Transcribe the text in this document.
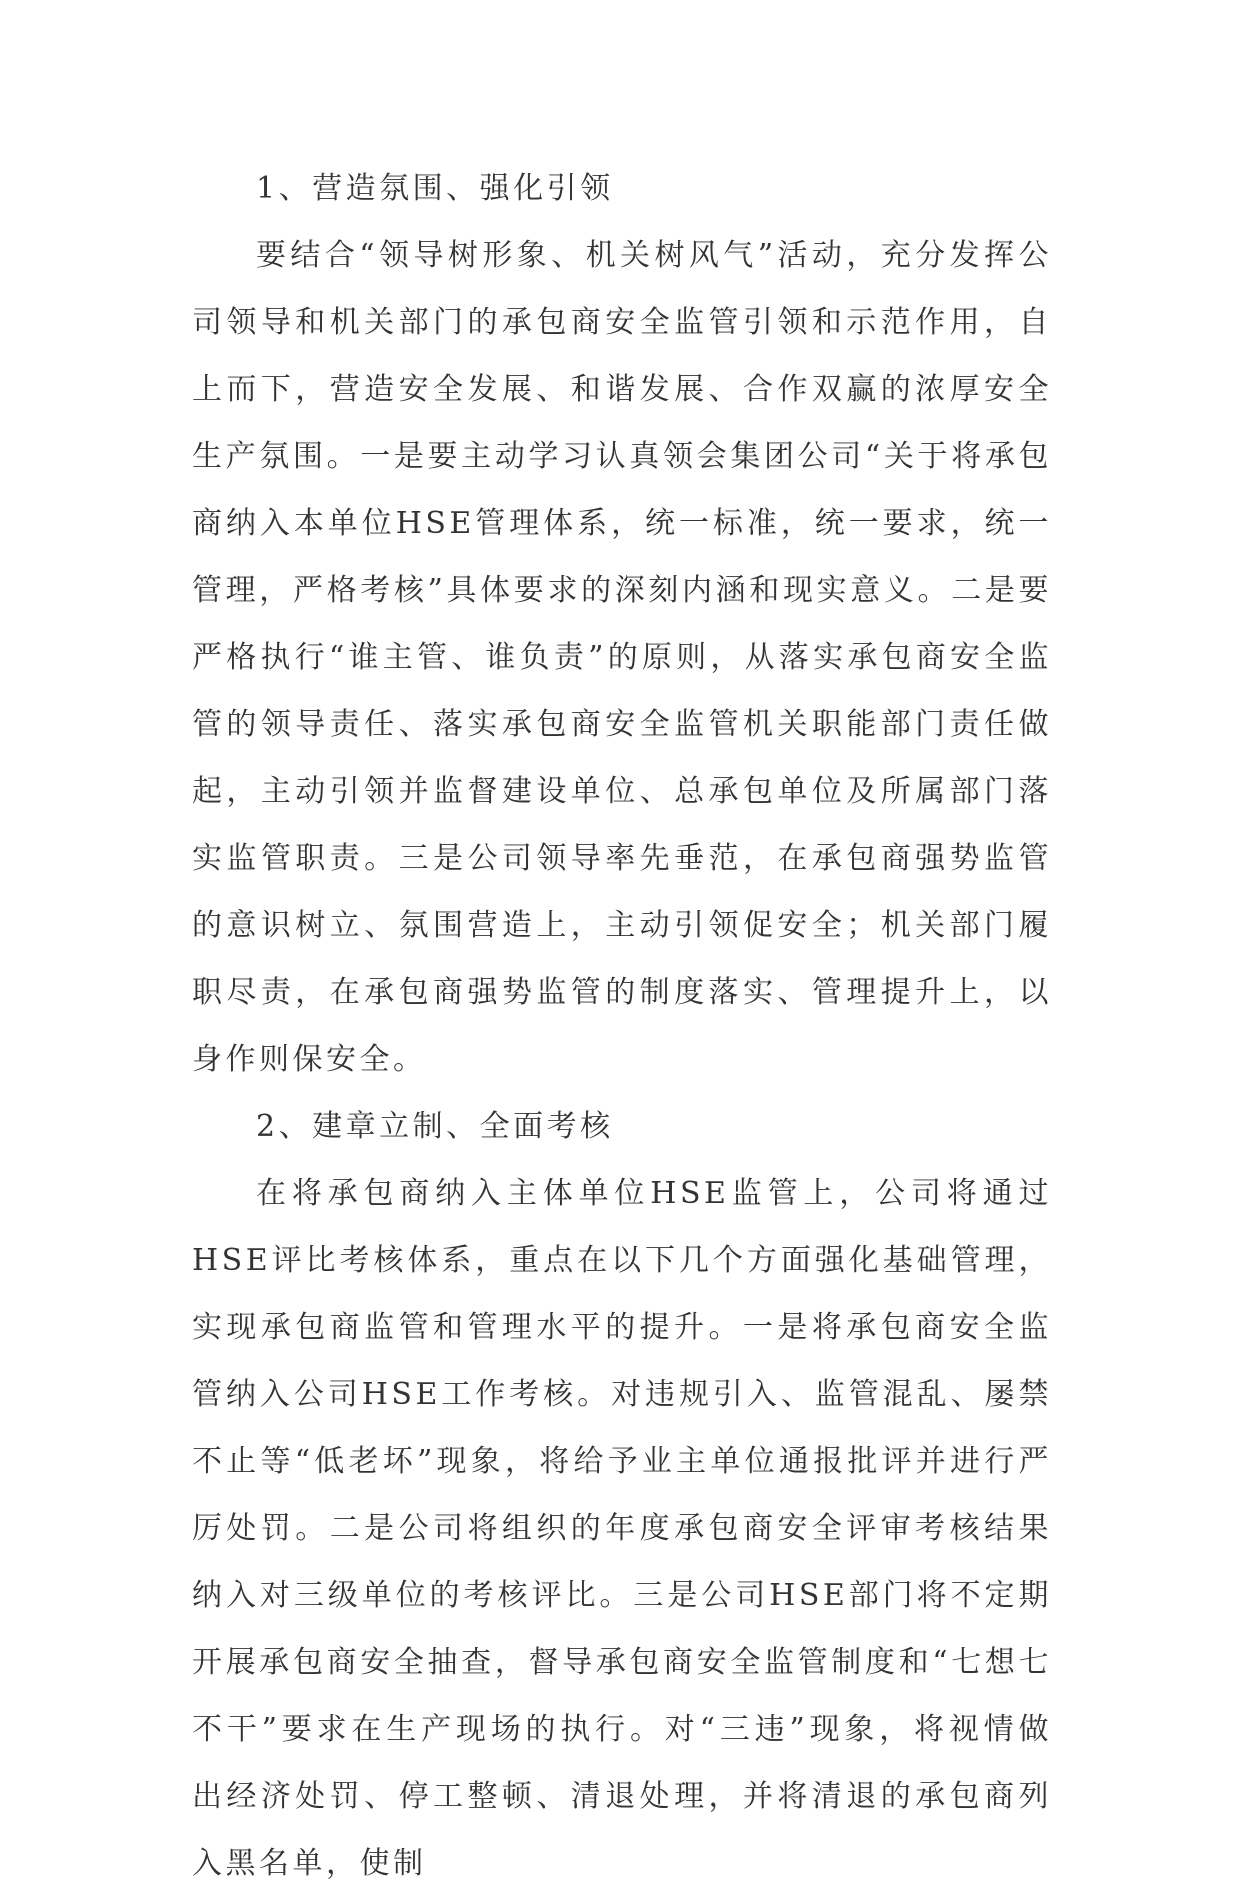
1、营造氛围、强化引领

要结合“领导树形象、机关树风气”活动，充分发挥公司领导和机关部门的承包商安全监管引领和示范作用，自上而下，营造安全发展、和谐发展、合作双赢的浓厚安全生产氛围。一是要主动学习认真领会集团公司“关于将承包商纳入本单位HSE管理体系，统一标准，统一要求，统一管理，严格考核”具体要求的深刻内涵和现实意义。二是要严格执行“谁主管、谁负责”的原则，从落实承包商安全监管的领导责任、落实承包商安全监管机关职能部门责任做起，主动引领并监督建设单位、总承包单位及所属部门落实监管职责。三是公司领导率先垂范，在承包商强势监管的意识树立、氛围营造上，主动引领促安全；机关部门履职尽责，在承包商强势监管的制度落实、管理提升上，以身作则保安全。

2、建章立制、全面考核

在将承包商纳入主体单位HSE监管上，公司将通过HSE评比考核体系，重点在以下几个方面强化基础管理，实现承包商监管和管理水平的提升。一是将承包商安全监管纳入公司HSE工作考核。对违规引入、监管混乱、屡禁不止等“低老坏”现象，将给予业主单位通报批评并进行严厉处罚。二是公司将组织的年度承包商安全评审考核结果纳入对三级单位的考核评比。三是公司HSE部门将不定期开展承包商安全抽查，督导承包商安全监管制度和“七想七不干”要求在生产现场的执行。对“三违”现象，将视情做出经济处罚、停工整顿、清退处理，并将清退的承包商列入黑名单，使制
